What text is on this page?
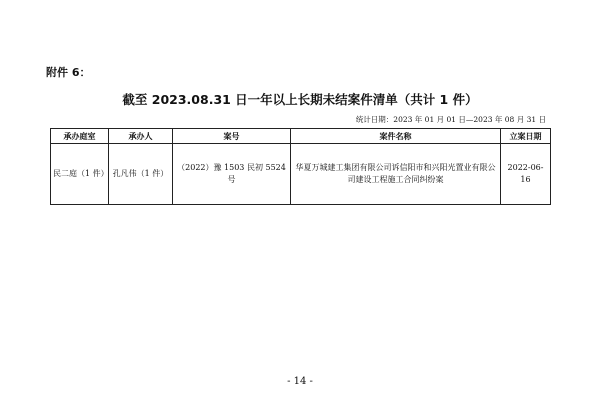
附件 6：
截至 2023.08.31 日一年以上长期未结案件清单（共计 1 件）
统计日期：2023 年 01 月 01 日—2023 年 08 月 31 日
承办庭室	承办人	案号	案件名称	立案日期
民二庭（1 件）	孔凡伟（1 件）	（2022）豫 1503 民初 5524 号	华夏万城建工集团有限公司诉信阳市和兴阳光置业有限公司建设工程施工合同纠纷案	2022-06-16
- 14 -
